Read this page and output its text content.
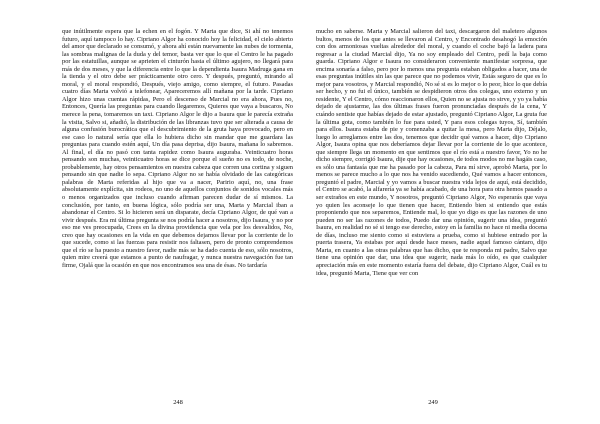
que inútilmente espera que la echen en el fogón. Y Marta que dice, Si ahí no tenemos futuro, aquí tampoco lo hay. Cipriano Algor ha conocido hoy la felicidad, el cielo abierto del amor que declarado se consumó, y ahora ahí están nuevamente las nubes de tormenta, las sombras malignas de la duda y del temor, basta ver que lo que el Centro le ha pagado por las estatuillas, aunque se aprieten el cinturón hasta el último agujero, no llegará para más de dos meses, y que la diferencia entre lo que la dependienta Isaura Madruga gana en la tienda y el otro debe ser prácticamente otro cero. Y después, preguntó, mirando al moral, y el moral respondió, Después, viejo amigo, como siempre, el futuro. Pasadas cuatro días Marta volvió a telefonear, Apareceremos allí mañana por la tarde. Cipriano Algor hizo unas cuentas rápidas, Pero el descenso de Marcial no era ahora, Pues no, Entonces, Quería las preguntas para cuando llegaremos, Quieres que vaya a buscaros, No merece la pena, tomaremos un taxi. Cipriano Algor le dijo a Isaura que le parecía extraña la visita, Salvo si, añadió, la distribución de las libranzas tuvo que ser alterada a causa de alguna confusión burocrática que el descubrimiento de la gruta haya provocado, pero en ese caso lo natural sería que ella lo hubiera dicho sin mandar que me guardara las preguntas para cuando estén aquí, Un día pasa deprisa, dijo Isaura, mañana lo sabremos. Al final, el día no pasó con tanta rapidez como Isaura auguraba. Veinticuatro horas pensando son muchas, veinticuatro horas se dice porque el sueño no es todo, de noche, probablemente, hay otros pensamientos en nuestra cabeza que corren una cortina y siguen pensando sin que nadie lo sepa. Cipriano Algor no se había olvidado de las categóricas palabras de Marta referidas al hijo que va a nacer, Paririo aquí, no, una frase absolutamente explícita, sin rodeos, no uno de aquellos conjuntos de sonidos vocales más o menos organizados que incluso cuando afirman parecen dudar de sí mismos. La conclusión, por tanto, en buena lógica, sólo podría ser una, Marta y Marcial iban a abandonar el Centro. Si lo hicieren será un disparate, decía Cipriano Algor, de qué van a vivir después. Era mi última pregunta se nos podría hacer a nosotros, dijo Isaura, y no por eso me ves preocupada, Crees en la divina providencia que vela por los desvalidos, No, creo que hay ocasiones en la vida en que debemos dejarnos llevar por la corriente de lo que sucede, como si las fuerzas para resistir nos faltasen, pero de pronto comprendemos que el río se ha puesto a nuestro favor, nadie más se ha dado cuenta de eso, sólo nosotros, quien mire creerá que estamos a punto de naufragar, y nunca nuestra navegación fue tan firme, Ojalá que la ocasión en que nos encontramos sea una de ésas. No tardaría

248

mucho en saberse. Marta y Marcial salieron del taxi, descargaron del maletero algunos bultos, menos de los que antes se llevaron al Centro, y Encontrado desahogó la emoción con dos armoniosas vueltas alrededor del moral, y cuando el coche bajó la ladera para regresar a la ciudad Marcial dijo, Ya no soy empleado del Centro, pedí la baja como guarda. Cipriano Algor e Isaura no consideraron conveniente manifestar sorpresa, que encima sonaría a falso, pero por lo menos una pregunta estaban obligados a hacer, una de esas preguntas inútiles sin las que parece que no podemos vivir, Estás seguro de que es lo mejor para vosotros, y Marcial respondió, No sé si es lo mejor o lo peor, hice lo que debía ser hecho, y no fui el único, también se despidieron otros dos colegas, uno externo y un residente, Y el Centro, cómo reaccionaron ellos, Quien no se ajusta no sirve, y yo ya había dejado de ajustarme, las dos últimas frases fueron pronunciadas después de la cena, Y cuándo sentiste que habías dejado de estar ajustado, preguntó Cipriano Algor, La gruta fue la última gota, como también lo fue para usted, Y para esos colegas tuyos, Sí, también para ellos. Isaura estaba de pie y comenzaba a quitar la mesa, pero Marta dijo, Déjalo, luego lo arreglamos entre las dos, tenemos que decidir qué vamos a hacer, dijo Cipriano Algor, Isaura opina que nos deberíamos dejar llevar por la corriente de lo que acontece, que siempre llega un momento en que sentimos que el río está a nuestro favor, Yo no he dicho siempre, corrigió Isaura, dije que hay ocasiones, de todos modos no me hagáis caso, es sólo una fantasía que me ha pasado por la cabeza, Para mí sirve, aprobó Marta, por lo menos se parece mucho a lo que nos ha venido sucediendo, Qué vamos a hacer entonces, preguntó el padre, Marcial y yo vamos a buscar nuestra vida lejos de aquí, está decidido, el Centro se acabó, la alfarería ya se había acabado, de una hora para otra hemos pasado a ser extraños en este mundo, Y nosotros, preguntó Cipriano Algor, No esperarás que vaya yo quien les aconseje lo que tienen que hacer, Entiendo bien si entiendo que estás proponiendo que nos separemos, Entiende mal, lo que yo digo es que las razones de uno pueden no ser las razones de todos, Puedo dar una opinión, sugerir una idea, preguntó Isaura, en realidad no sé si tengo ese derecho, estoy en la familia no hace ni media docena de días, incluso me siento como si estuviera a prueba, como si hubiese entrado por la puerta trasera, Ya estabas por aquí desde hace meses, nadie aquel famoso cántaro, dijo Marta, en cuanto a las otras palabras que has dicho, que te responda mi padre, Salvo que tiene una opinión que dar, una idea que sugerir, nada más lo oído, es que cualquier apreciación más en este momento estaría fuera del debate, dijo Cipriano Algor, Cuál es tu idea, preguntó Marta, Tiene que ver con

249
